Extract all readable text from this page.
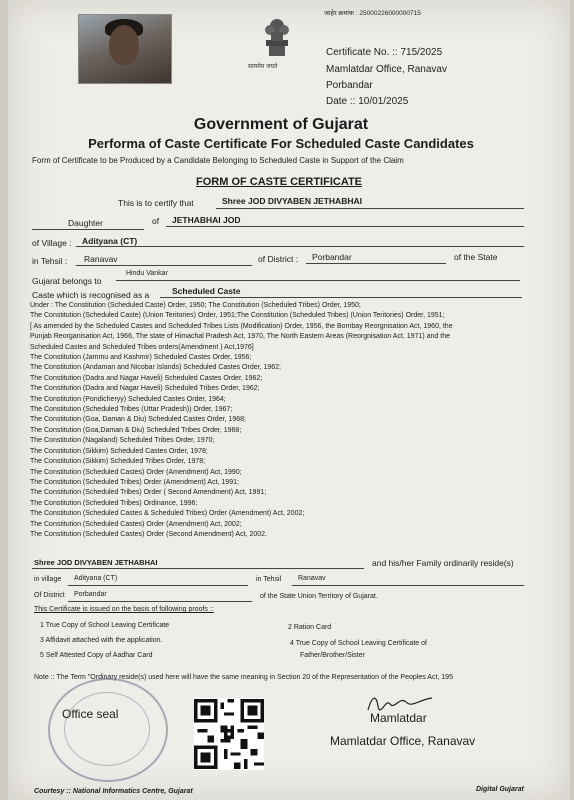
सत्यमेव जयते
जाहेर क्रमांक : 25000226000000715
Certificate No. :: 715/2025
Mamlatdar Office, Ranavav
Porbandar
Date :: 10/01/2025
Government of Gujarat
Performa of Caste Certificate For Scheduled Caste Candidates
Form of Certificate to be Produced by a Candidate Belonging to Scheduled Caste in Support of the Claim
FORM OF CASTE CERTIFICATE
This is to certify that	Shree JOD DIVYABEN JETHABHAI
Daughter	of JETHABHAI JOD
of Village : Adityana (CT)
in Tehsil : Ranavav	of District : Porbandar	of the State
Gujarat belongs to
Hindu Vankar
Caste which is recognised as a	Scheduled Caste
Under : The Constitution (Scheduled Caste) Order, 1950; The Constitution (Scheduled Tribes) Order, 1950;
The Constitution (Scheduled Caste) (Union Teritories) Order, 1951;The Constitution (Scheduled Tribes) (Union Teritories) Order, 1951;
[ As amended by the Scheduled Castes and Scheduled Tribes Lists (Modification) Order, 1956, the Bombay Reorgnisation Act, 1960, the
Punjab Reorganisation Act, 1966, The state of Himachal Pradesh Act, 1970, The North Eastern Areas (Reorgnisation Act, 1971) and the
Scheduled Castes and Scheduled Tribes orders(Amendment ) Act,1976]
The Constitution (Jammu and Kashmir) Scheduled Castes Order, 1956;
The Constitution (Andaman and Nicobar Islands) Scheduled Castes Order, 1962;
The Constitution (Dadra and Nagar Haveli) Scheduled Castes Order, 1962;
The Constitution (Dadra and Nagar Haveli) Scheduled Tribes Order, 1962;
The Constitution (Pondicheryy) Scheduled Castes Order, 1964;
The Constitution (Scheduled Tribes (Uttar Pradesh)) Order, 1967;
The Constitution (Goa, Daman & Diu) Scheduled Castes Order, 1968;
The Constitution (Goa,Daman & Diu) Scheduled Tribes Order, 1968;
The Constitution (Nagaland) Scheduled Tribes Order, 1970;
The Constitution (Sikkim) Scheduled Castes Order, 1978;
The Constitution (Sikkim) Scheduled Tribes Order, 1978;
The Constitution (Scheduled Castes) Order (Amendment) Act, 1990;
The Constitution (Scheduled Tribes) Order (Amendment) Act, 1991;
The Constitution (Scheduled Tribes) Order ( Second Amendment) Act, 1991;
The Constitution (Scheduled Tribes) Ordinance, 1996;
The Constitution (Scheduled Castes & Scheduled Tribes) Order (Amendment) Act, 2002;
The Constitution (Scheduled Castes) Order (Amendment) Act, 2002;
The Constitution (Scheduled Castes) Order (Second Amendment) Act, 2002.
Shree JOD DIVYABEN JETHABHAI	and his/her Family ordinarily reside(s)
in village Adityana (CT)	in Tehsil Ranavav
Of District Porbandar	of the State Union Territory of Gujarat.
This Certificate is issued on the basis of following proofs ::
1 True Copy of School Leaving Certificate	2 Ration Card
3 Affidavit attached with the application.	4 True Copy of School Leaving Certificate of
Father/Brother/Sister
5 Self Attested Copy of Aadhar Card
Note :: The Term "Ordinary reside(s) used here will have the same meaning in Section 20 of the Representation of the Peoples Act, 195
Office seal	Mamlatdar
Mamlatdar Office, Ranavav
Courtesy :: National Informatics Centre, Gujarat	Digital Gujarat
